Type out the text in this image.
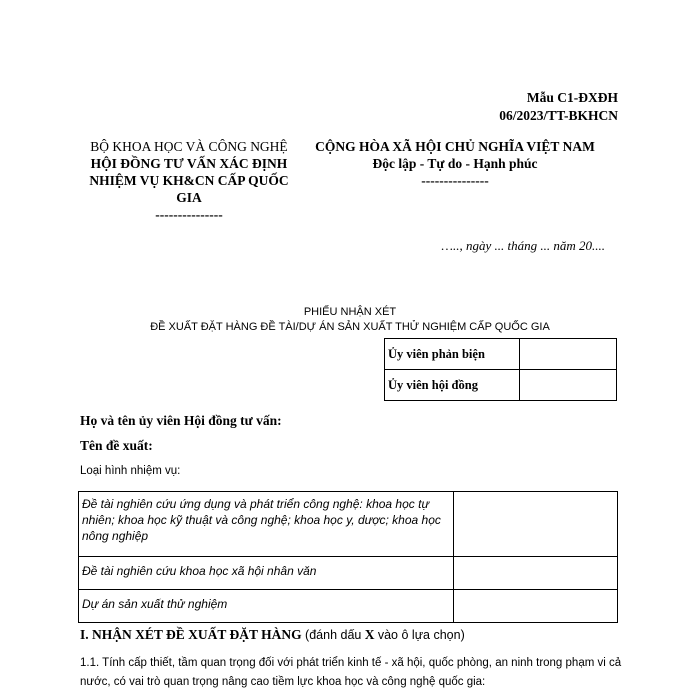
Mẫu C1-ĐXĐH
06/2023/TT-BKHCN
BỘ KHOA HỌC VÀ CÔNG NGHỆ
HỘI ĐỒNG TƯ VẤN XÁC ĐỊNH
NHIỆM VỤ KH&CN CẤP QUỐC
GIA
---------------
CỘNG HÒA XÃ HỘI CHỦ NGHĨA VIỆT NAM
Độc lập - Tự do - Hạnh phúc
---------------
….., ngày ... tháng ... năm 20....
PHIẾU NHẬN XÉT
ĐỀ XUẤT ĐẶT HÀNG ĐỀ TÀI/DỰ ÁN SẢN XUẤT THỬ NGHIỆM CẤP QUỐC GIA
Ủy viên phản biện	
Ủy viên hội đồng	
Họ và tên ủy viên Hội đồng tư vấn:
Tên đề xuất:
Loại hình nhiệm vụ:
Đề tài nghiên cứu ứng dụng và phát triển công nghệ: khoa học tự nhiên; khoa học kỹ thuật và công nghệ; khoa học y, dược; khoa học nông nghiệp	
Đề tài nghiên cứu khoa học xã hội nhân văn	
Dự án sản xuất thử nghiệm	
I. NHẬN XÉT ĐỀ XUẤT ĐẶT HÀNG (đánh dấu X vào ô lựa chọn)
1.1. Tính cấp thiết, tầm quan trọng đối với phát triển kinh tế - xã hội, quốc phòng, an ninh trong phạm vi cả nước, có vai trò quan trọng nâng cao tiềm lực khoa học và công nghệ quốc gia:
